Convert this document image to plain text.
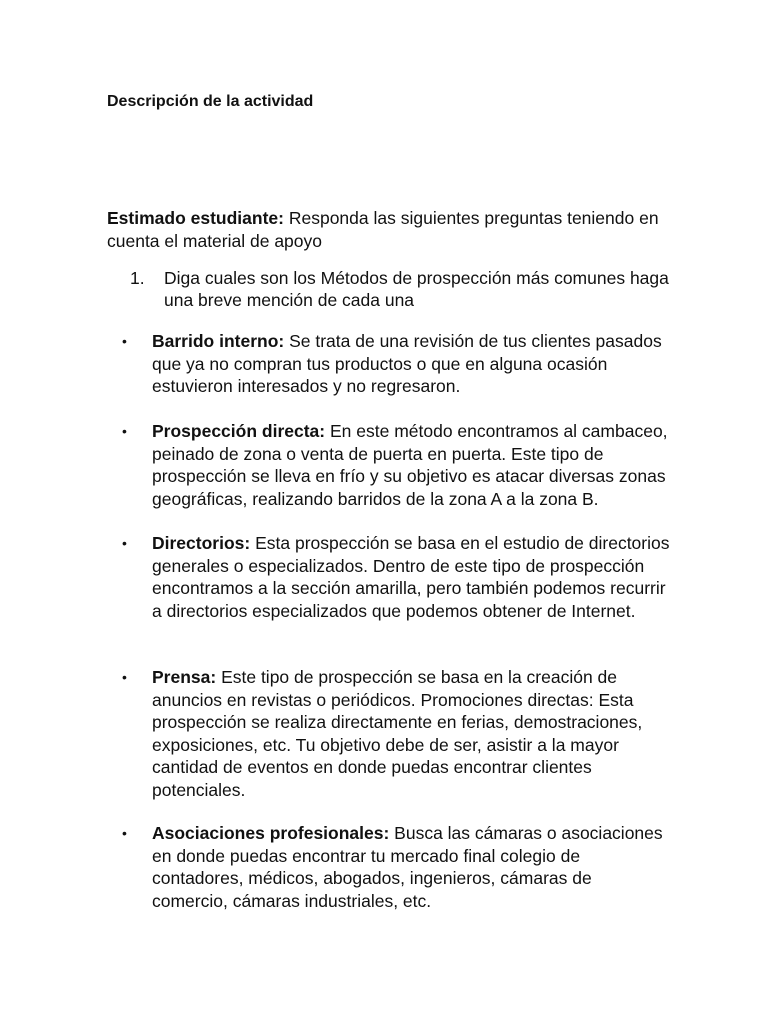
Descripción de la actividad
Estimado estudiante: Responda las siguientes preguntas teniendo en cuenta el material de apoyo
1. Diga cuales son los Métodos de prospección más comunes haga una breve mención de cada una
• Barrido interno: Se trata de una revisión de tus clientes pasados que ya no compran tus productos o que en alguna ocasión estuvieron interesados y no regresaron.
• Prospección directa: En este método encontramos al cambaceo, peinado de zona o venta de puerta en puerta. Este tipo de prospección se lleva en frío y su objetivo es atacar diversas zonas geográficas, realizando barridos de la zona A a la zona B.
• Directorios: Esta prospección se basa en el estudio de directorios generales o especializados. Dentro de este tipo de prospección encontramos a la sección amarilla, pero también podemos recurrir a directorios especializados que podemos obtener de Internet.
• Prensa: Este tipo de prospección se basa en la creación de anuncios en revistas o periódicos. Promociones directas: Esta prospección se realiza directamente en ferias, demostraciones, exposiciones, etc. Tu objetivo debe de ser, asistir a la mayor cantidad de eventos en donde puedas encontrar clientes potenciales.
• Asociaciones profesionales: Busca las cámaras o asociaciones en donde puedas encontrar tu mercado final colegio de contadores, médicos, abogados, ingenieros, cámaras de comercio, cámaras industriales, etc.
